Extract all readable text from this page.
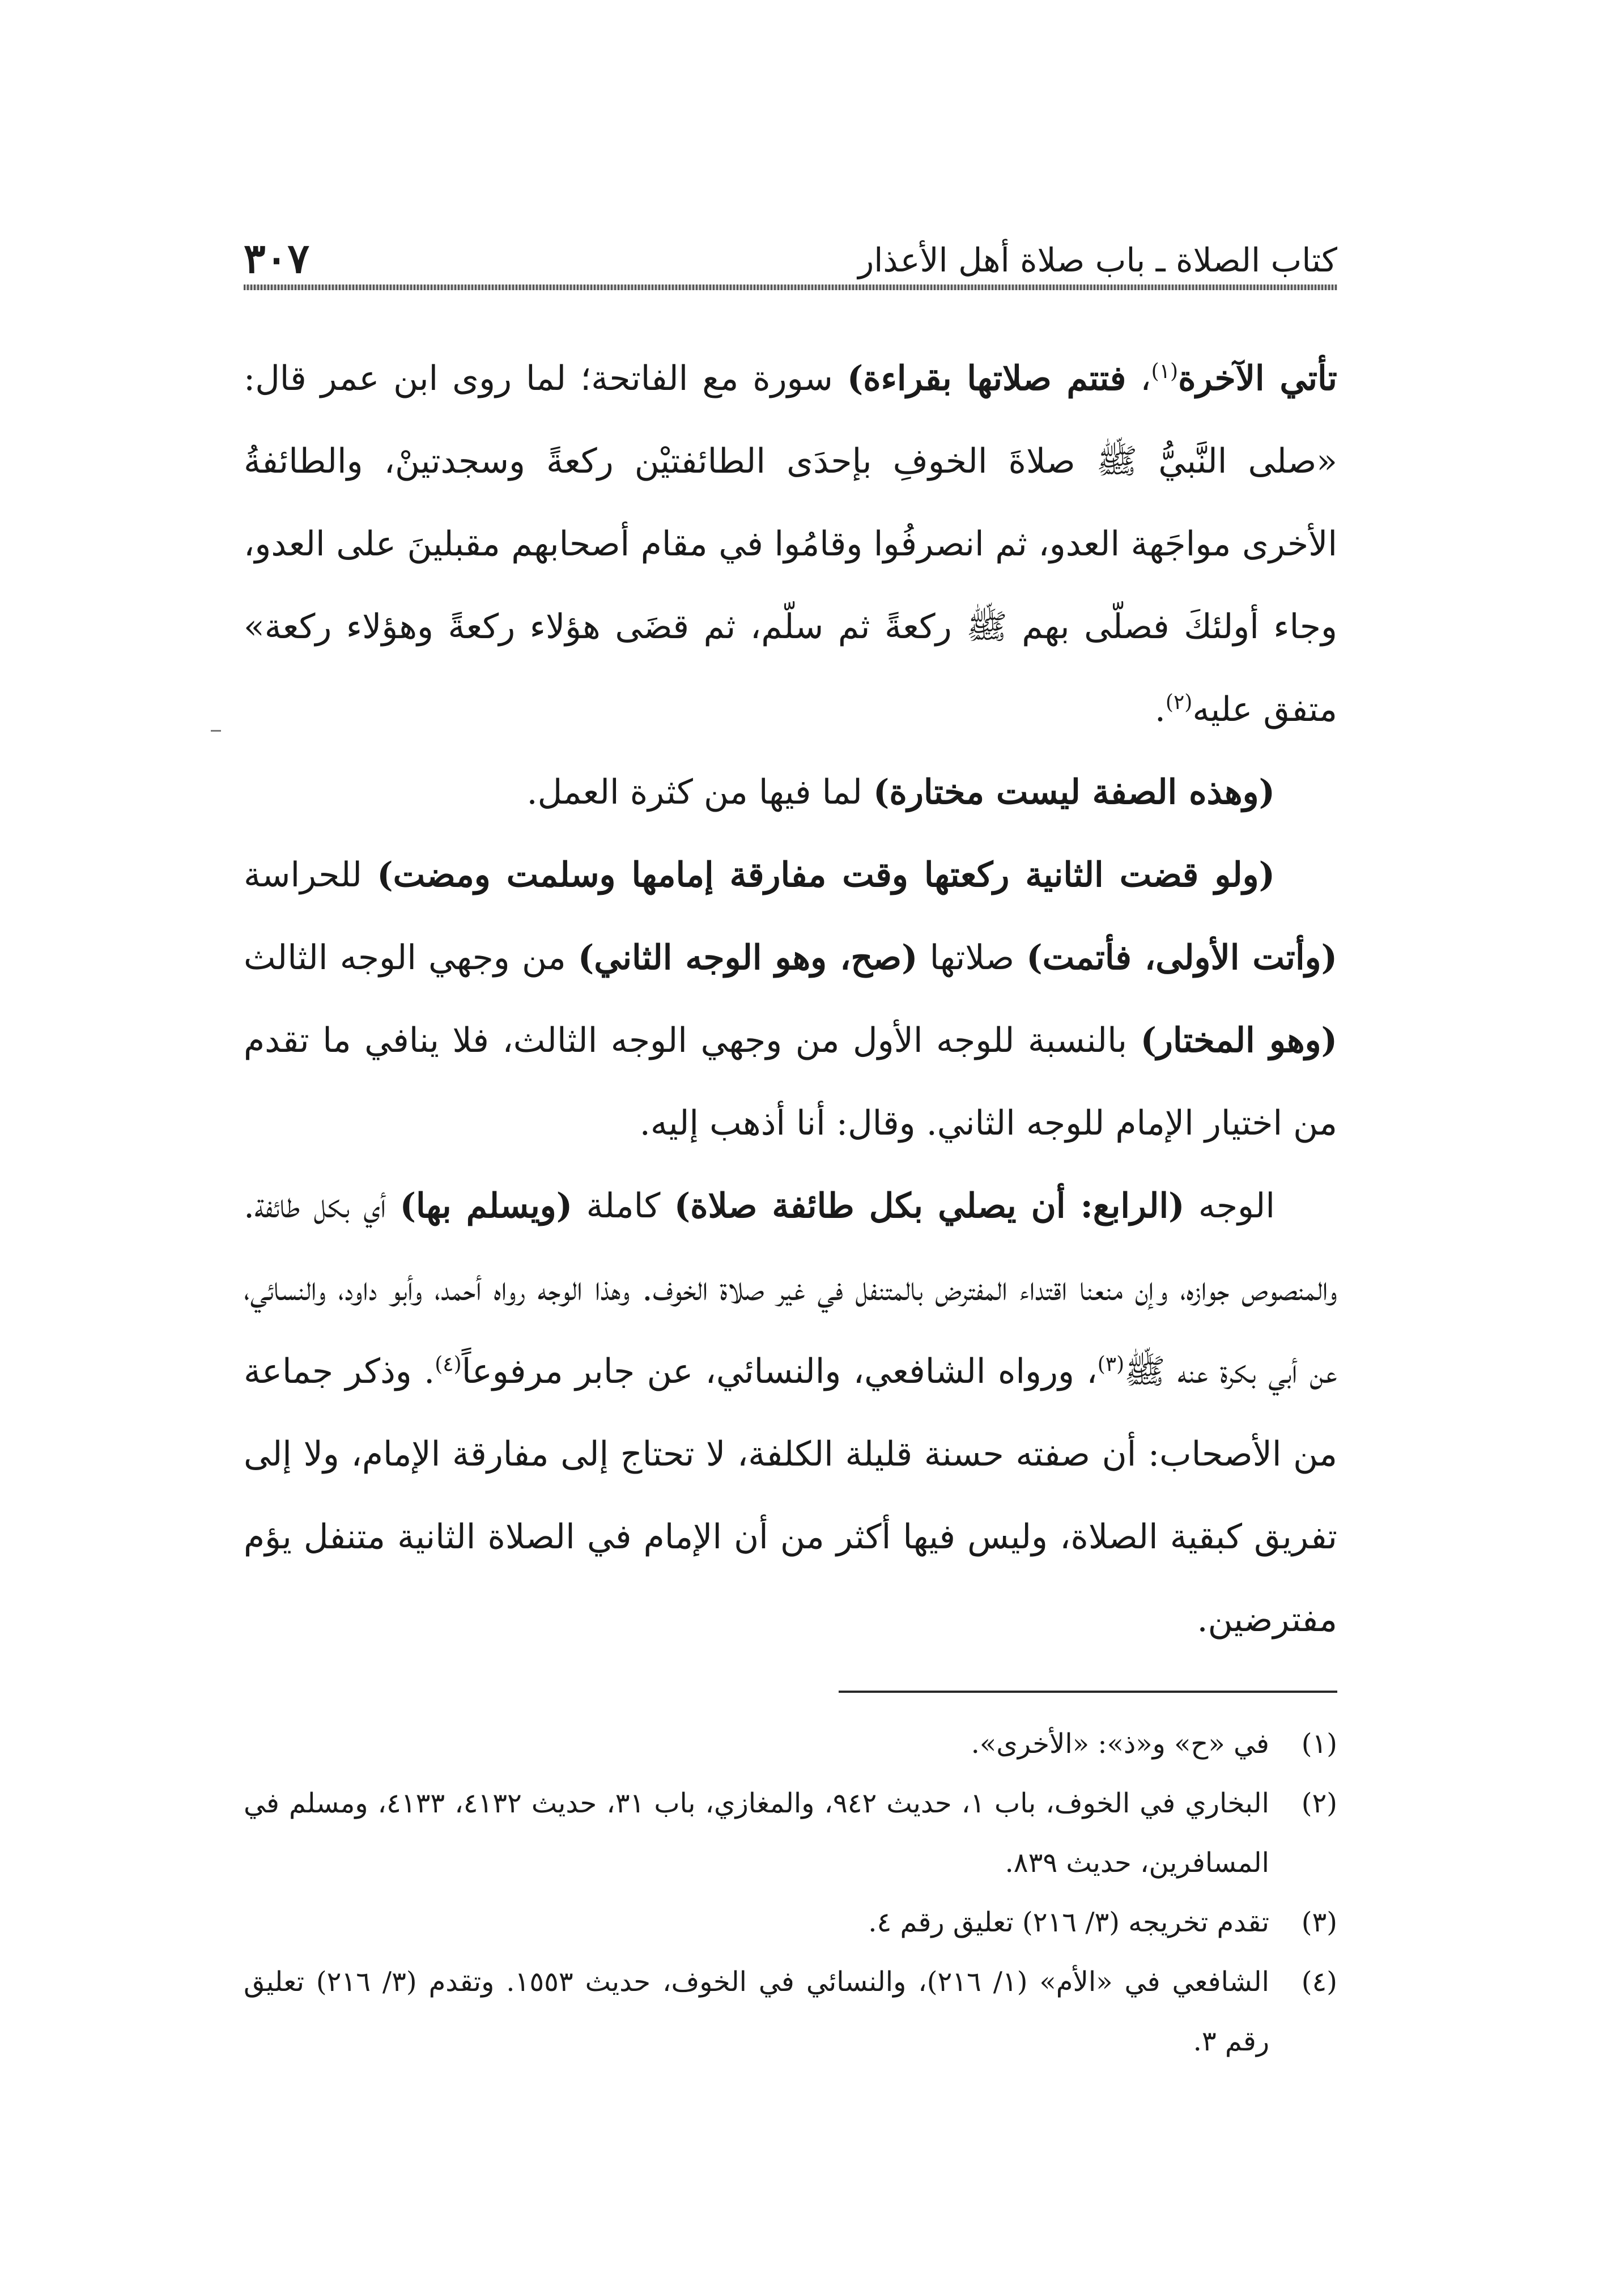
كتاب الصلاة ـ باب صلاة أهل الأعذار
٣٠٧

تأتي الآخرة$^{(١)}$، فتتم صلاتها بقراءة) سورة مع الفاتحة؛ لما روى ابن عمر قال: «صلى النَّبيُّ ﷺ صلاةَ الخوفِ بإحدَى الطائفتيْن ركعةً وسجدتينْ، والطائفةُ الأخرى مواجَهة العدو، ثم انصرفُوا وقامُوا في مقام أصحابهم مقبلينَ على العدو، وجاء أولئكَ فصلّى بهم ﷺ ركعةً ثم سلّم، ثم قضَى هؤلاء ركعةً وهؤلاء ركعة» متفق عليه$^{(٢)}$.

(وهذه الصفة ليست مختارة) لما فيها من كثرة العمل.

(ولو قضت الثانية ركعتها وقت مفارقة إمامها وسلمت ومضت) للحراسة (وأتت الأولى، فأتمت) صلاتها (صح، وهو الوجه الثاني) من وجهي الوجه الثالث (وهو المختار) بالنسبة للوجه الأول من وجهي الوجه الثالث، فلا ينافي ما تقدم من اختيار الإمام للوجه الثاني. وقال: أنا أذهب إليه.

الوجه (الرابع: أن يصلي بكل طائفة صلاة) كاملة (ويسلم بها) أي بكل طائفة. والمنصوص جوازه، وإن منعنا اقتداء المفترض بالمتنفل في غير صلاة الخوف. وهذا الوجه رواه أحمد، وأبو داود، والنسائي، عن أبي بكرة عنه ﷺ$^{(٣)}$، ورواه الشافعي، والنسائي، عن جابر مرفوعاً$^{(٤)}$. وذكر جماعة من الأصحاب: أن صفته حسنة قليلة الكلفة، لا تحتاج إلى مفارقة الإمام، ولا إلى تفريق كبقية الصلاة، وليس فيها أكثر من أن الإمام في الصلاة الثانية متنفل يؤم مفترضين.

(١)
في «ح» و«ذ»: «الأخرى».
(٢)
البخاري في الخوف، باب ١، حديث ٩٤٢، والمغازي، باب ٣١، حديث ٤١٣٢، ٤١٣٣، ومسلم في المسافرين، حديث ٨٣٩.
(٣)
تقدم تخريجه (٣/ ٢١٦) تعليق رقم ٤.
(٤)
الشافعي في «الأم» (١/ ٢١٦)، والنسائي في الخوف، حديث ١٥٥٣. وتقدم (٣/ ٢١٦) تعليق رقم ٣.
